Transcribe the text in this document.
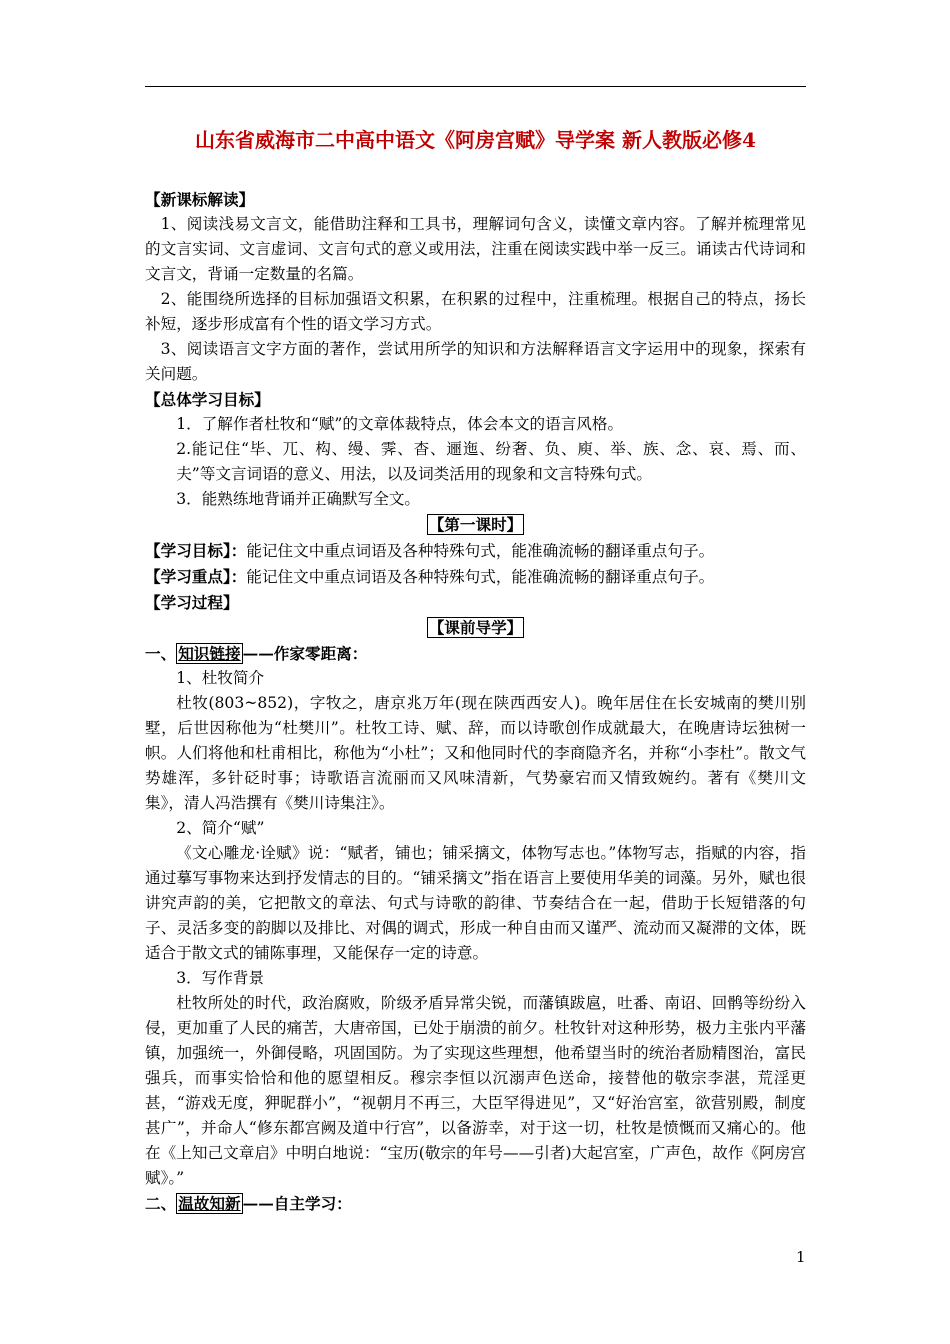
山东省威海市二中高中语文《阿房宫赋》导学案 新人教版必修4

【新课标解读】

1、阅读浅易文言文，能借助注释和工具书，理解词句含义，读懂文章内容。了解并梳理常见的文言实词、文言虚词、文言句式的意义或用法，注重在阅读实践中举一反三。诵读古代诗词和文言文，背诵一定数量的名篇。

2、能围绕所选择的目标加强语文积累，在积累的过程中，注重梳理。根据自己的特点，扬长补短，逐步形成富有个性的语文学习方式。

3、阅读语言文字方面的著作，尝试用所学的知识和方法解释语言文字运用中的现象，探索有关问题。

【总体学习目标】

1．了解作者杜牧和“赋”的文章体裁特点，体会本文的语言风格。

2.能记住“毕、兀、构、缦、霁、杳、逦迤、纷奢、负、庾、举、族、念、哀、焉、而、夫”等文言词语的意义、用法，以及词类活用的现象和文言特殊句式。

3．能熟练地背诵并正确默写全文。

【第一课时】

【学习目标】：能记住文中重点词语及各种特殊句式，能准确流畅的翻译重点句子。

【学习重点】：能记住文中重点词语及各种特殊句式，能准确流畅的翻译重点句子。

【学习过程】

【课前导学】

一、 知识链接 ——作家零距离：

1、杜牧简介

杜牧(803~852)，字牧之，唐京兆万年(现在陕西西安人)。晚年居住在长安城南的樊川别墅，后世因称他为“杜樊川”。杜牧工诗、赋、辞，而以诗歌创作成就最大，在晚唐诗坛独树一帜。人们将他和杜甫相比，称他为“小杜”；又和他同时代的李商隐齐名，并称“小李杜”。散文气势雄浑，多针砭时事；诗歌语言流丽而又风味清新，气势豪宕而又情致婉约。著有《樊川文集》，清人冯浩撰有《樊川诗集注》。

2、简介“赋”

《文心雕龙·诠赋》说：“赋者，铺也；铺采摛文，体物写志也。”体物写志，指赋的内容，指通过摹写事物来达到抒发情志的目的。“铺采摛文”指在语言上要使用华美的词藻。另外，赋也很讲究声韵的美，它把散文的章法、句式与诗歌的韵律、节奏结合在一起，借助于长短错落的句子、灵活多变的韵脚以及排比、对偶的调式，形成一种自由而又谨严、流动而又凝滞的文体，既适合于散文式的铺陈事理，又能保存一定的诗意。

3．写作背景

杜牧所处的时代，政治腐败，阶级矛盾异常尖锐，而藩镇跋扈，吐番、南诏、回鹘等纷纷入侵，更加重了人民的痛苦，大唐帝国，已处于崩溃的前夕。杜牧针对这种形势，极力主张内平藩镇，加强统一，外御侵略，巩固国防。为了实现这些理想，他希望当时的统治者励精图治，富民强兵，而事实恰恰和他的愿望相反。穆宗李恒以沉溺声色送命，接替他的敬宗李湛，荒淫更甚，“游戏无度，狎昵群小”，“视朝月不再三，大臣罕得进见”，又“好治宫室，欲营别殿，制度甚广”，并命人“修东都宫阙及道中行宫”，以备游幸，对于这一切，杜牧是愤慨而又痛心的。他在《上知己文章启》中明白地说：“宝历(敬宗的年号——引者)大起宫室，广声色，故作《阿房宫赋》。”

二、 温故知新 ——自主学习：

1
